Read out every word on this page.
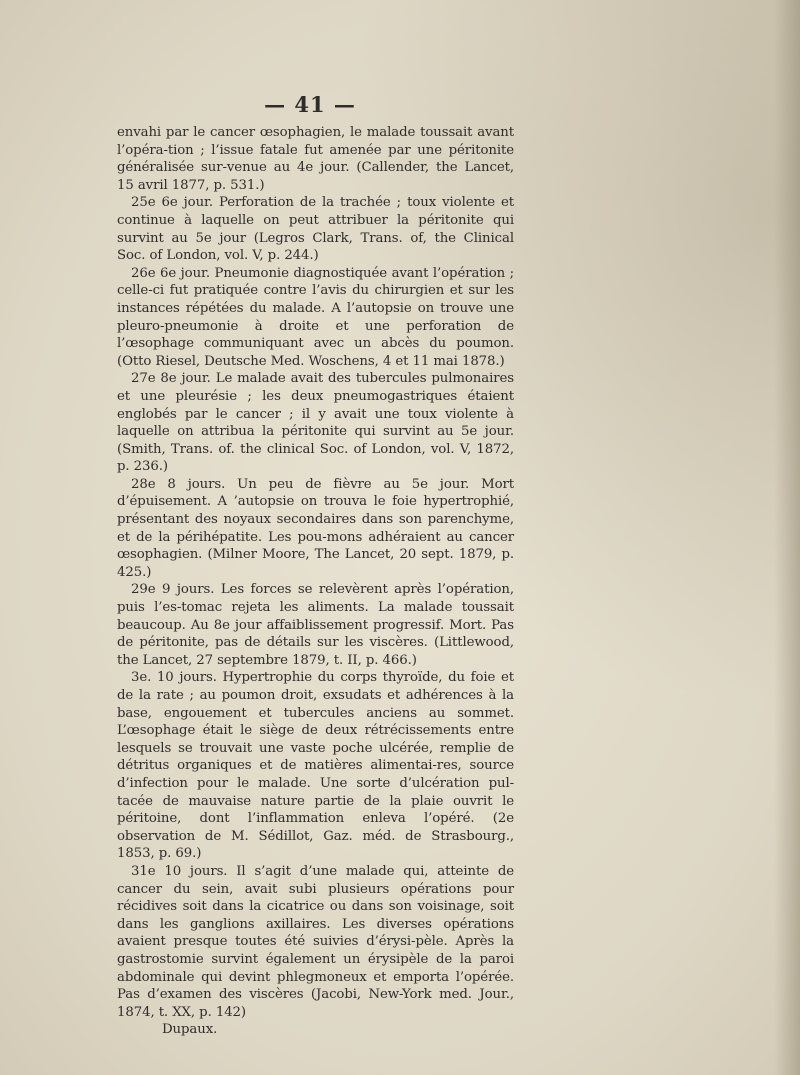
— 41 —

envahi par le cancer œsophagien, le malade toussait avant l’opéra-tion ; l’issue fatale fut amenée par une péritonite généralisée sur-venue au 4e jour. (Callender, the Lancet, 15 avril 1877, p. 531.)

25e 6e jour. Perforation de la trachée ; toux violente et continue à laquelle on peut attribuer la péritonite qui survint au 5e jour (Legros Clark, Trans. of, the Clinical Soc. of London, vol. V, p. 244.)

26e 6e jour. Pneumonie diagnostiquée avant l’opération ; celle-ci fut pratiquée contre l’avis du chirurgien et sur les instances répétées du malade. A l’autopsie on trouve une pleuro-pneumonie à droite et une perforation de l’œsophage communiquant avec un abcès du poumon. (Otto Riesel, Deutsche Med. Woschens, 4 et 11 mai 1878.)

27e 8e jour. Le malade avait des tubercules pulmonaires et une pleurésie ; les deux pneumogastriques étaient englobés par le cancer ; il y avait une toux violente à laquelle on attribua la péritonite qui survint au 5e jour. (Smith, Trans. of. the clinical Soc. of London, vol. V, 1872, p. 236.)

28e 8 jours. Un peu de fièvre au 5e jour. Mort d’épuisement. A ’autopsie on trouva le foie hypertrophié, présentant des noyaux secondaires dans son parenchyme, et de la périhépatite. Les pou-mons adhéraient au cancer œsophagien. (Milner Moore, The Lancet, 20 sept. 1879, p. 425.)

29e 9 jours. Les forces se relevèrent après l’opération, puis l’es-tomac rejeta les aliments. La malade toussait beaucoup. Au 8e jour affaiblissement progressif. Mort. Pas de péritonite, pas de détails sur les viscères. (Littlewood, the Lancet, 27 septembre 1879, t. II, p. 466.)

3e. 10 jours. Hypertrophie du corps thyroïde, du foie et de la rate ; au poumon droit, exsudats et adhérences à la base, engouement et tubercules anciens au sommet. L’œsophage était le siège de deux rétrécissements entre lesquels se trouvait une vaste poche ulcérée, remplie de détritus organiques et de matières alimentai-res, source d’infection pour le malade. Une sorte d’ulcération pul-tacée de mauvaise nature partie de la plaie ouvrit le péritoine, dont l’inflammation enleva l’opéré. (2e observation de M. Sédillot, Gaz. méd. de Strasbourg., 1853, p. 69.)

31e 10 jours. Il s’agit d’une malade qui, atteinte de cancer du sein, avait subi plusieurs opérations pour récidives soit dans la cicatrice ou dans son voisinage, soit dans les ganglions axillaires. Les diverses opérations avaient presque toutes été suivies d’érysi-pèle. Après la gastrostomie survint également un érysipèle de la paroi abdominale qui devint phlegmoneux et emporta l’opérée. Pas d’examen des viscères (Jacobi, New-York med. Jour., 1874, t. XX, p. 142)

Dupaux.
